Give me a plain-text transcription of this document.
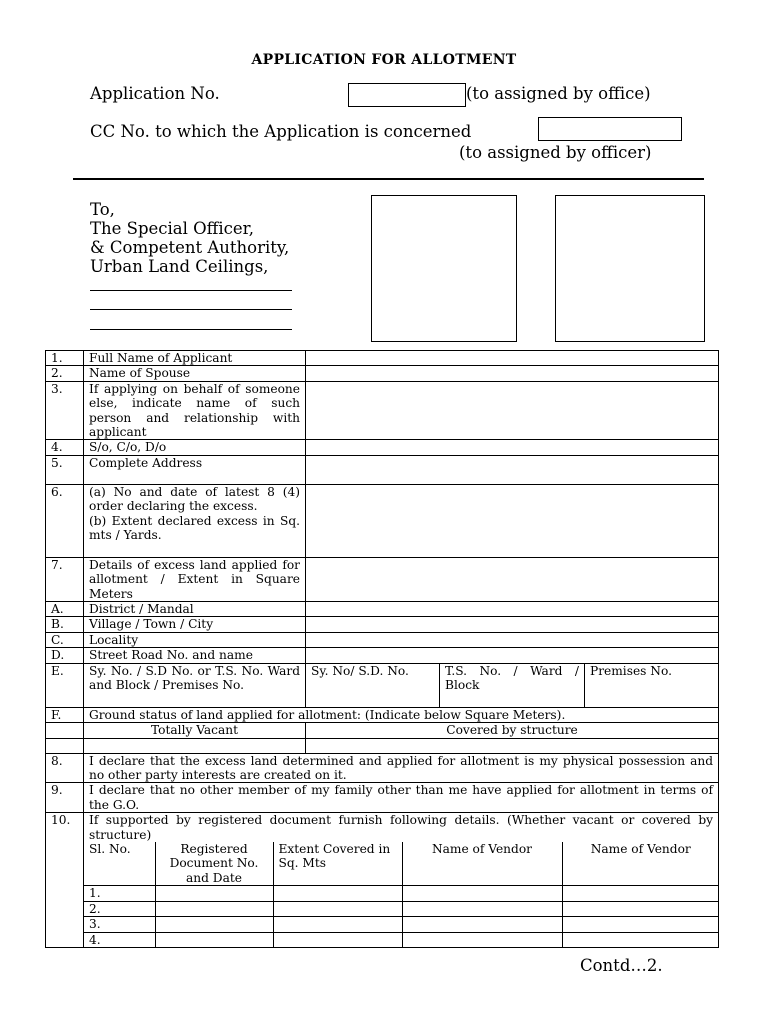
APPLICATION FOR ALLOTMENT
Application No.	(to assigned by office)
CC No. to which the Application is concerned
(to assigned by officer)
To,
The Special Officer,
& Competent Authority,
Urban Land Ceilings,
1.	Full Name of Applicant	
2.	Name of Spouse	
3.	If applying on behalf of someone else, indicate name of such person and relationship with applicant	
4.	S/o, C/o, D/o	
5.	Complete Address	
6.	(a) No and date of latest 8 (4) order declaring the excess.
(b) Extent declared excess in Sq. mts / Yards.

7.	Details of excess land applied for allotment / Extent in Square Meters	
A.	District / Mandal	
B.	Village / Town / City	
C.	Locality	
D.	Street Road No. and name	
E.	Sy. No. / S.D No. or T.S. No. Ward and Block / Premises No.	Sy. No/ S.D. No.	T.S. No. / Ward / Block	Premises No.
F.	Ground status of land applied for allotment: (Indicate below Square Meters).
	Totally Vacant	Covered by structure

8.	I declare that the excess land determined and applied for allotment is my physical possession and no other party interests are created on it.
9.	I declare that no other member of my family other than me have applied for allotment in terms of the G.O.
10.	If supported by registered document furnish following details. (Whether vacant or covered by structure)
Sl. No.	Registered Document No. and Date	Extent Covered in Sq. Mts	Name of Vendor	Name of Vendor
1.				
2.				
3.				
4.				
Contd…2.
